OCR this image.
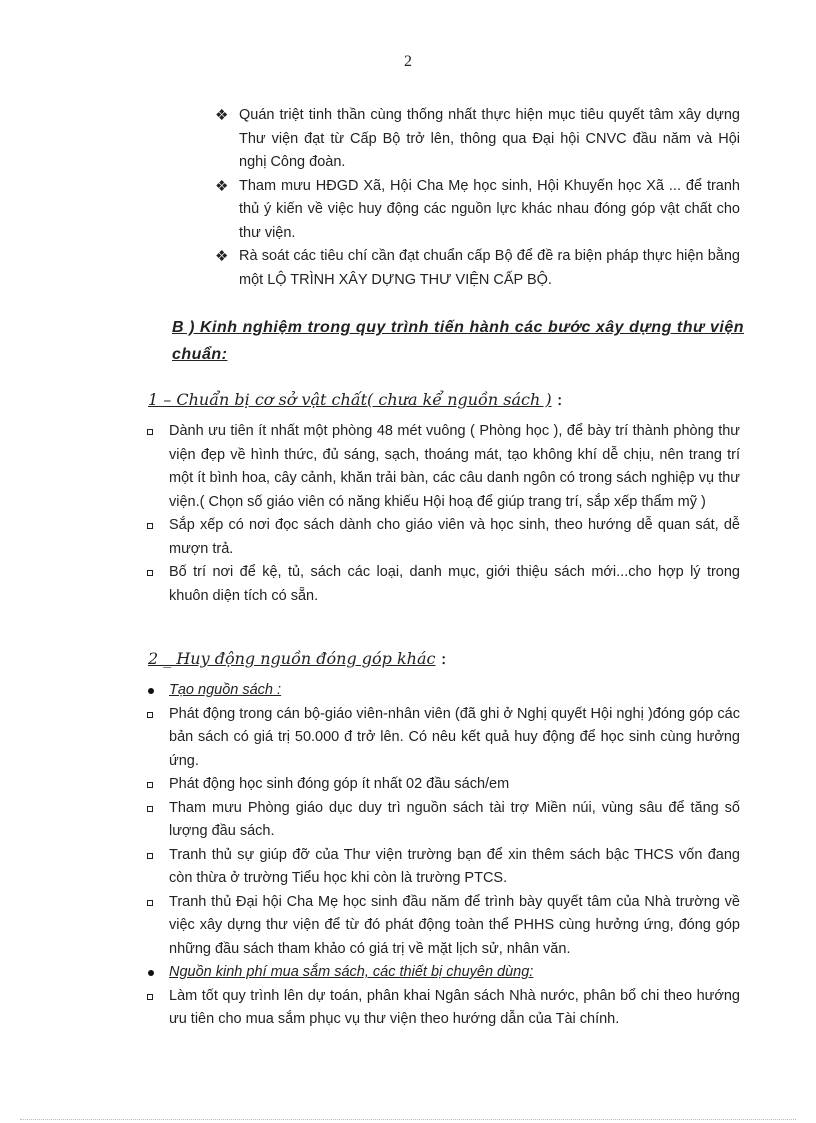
2
❖ Quán triệt tinh thần cùng thống nhất thực hiện mục tiêu quyết tâm xây dựng Thư viện đạt từ Cấp Bộ trở lên, thông qua Đại hội CNVC đầu năm và Hội nghị Công đoàn.
❖ Tham mưu HĐGD Xã, Hội Cha Mẹ học sinh, Hội Khuyến học Xã ... để tranh thủ ý kiến về việc huy động các nguồn lực khác nhau đóng góp vật chất cho thư viện.
❖ Rà soát các tiêu chí cần đạt chuẩn cấp Bộ để đề ra biện pháp thực hiện bằng một LỘ TRÌNH XÂY DỰNG THƯ VIỆN CẤP BỘ.
B ) Kinh nghiệm trong quy trình tiến hành các bước xây dựng thư viện chuẩn:
1 – Chuẩn bị cơ sở vật chất( chưa kể nguồn sách ) :
Dành ưu tiên ít nhất một phòng 48 mét vuông ( Phòng học ), để bày trí thành phòng thư viện đẹp về hình thức, đủ sáng, sạch, thoáng mát, tạo không khí dễ chịu, nên trang trí một ít bình hoa, cây cảnh, khăn trải bàn, các câu danh ngôn có trong sách nghiệp vụ thư viện.( Chọn số giáo viên có năng khiếu Hội hoạ để giúp trang trí, sắp xếp thẩm mỹ )
Sắp xếp có nơi đọc sách dành cho giáo viên và học sinh, theo hướng dễ quan sát, dễ mượn trả.
Bố trí nơi để kệ, tủ, sách các loại, danh mục, giới thiệu sách mới...cho hợp lý trong khuôn diện tích có sẵn.
2 _ Huy động nguồn đóng góp khác :
Tạo nguồn sách :
Phát động trong cán bộ-giáo viên-nhân viên (đã ghi ở Nghị quyết Hội nghị )đóng góp các bản sách có giá trị 50.000 đ trở lên. Có nêu kết quả huy động để học sinh cùng hưởng ứng.
Phát động học sinh đóng góp ít nhất 02 đầu sách/em
Tham mưu Phòng giáo dục duy trì nguồn sách tài trợ Miền núi, vùng sâu để tăng số lượng đầu sách.
Tranh thủ sự giúp đỡ của Thư viện trường bạn để xin thêm sách bậc THCS vốn đang còn thừa ở trường Tiểu học khi còn là trường PTCS.
Tranh thủ Đại hội Cha Mẹ học sinh đầu năm để trình bày quyết tâm của Nhà trường về việc xây dựng thư viện để từ đó phát động toàn thể PHHS cùng hưởng ứng, đóng góp những đầu sách tham khảo có giá trị về mặt lịch sử, nhân văn.
Nguồn kinh phí mua sắm sách, các thiết bị chuyên dùng:
Làm tốt quy trình lên dự toán, phân khai Ngân sách Nhà nước, phân bổ chi theo hướng ưu tiên cho mua sắm phục vụ thư viện theo hướng dẫn của Tài chính.
